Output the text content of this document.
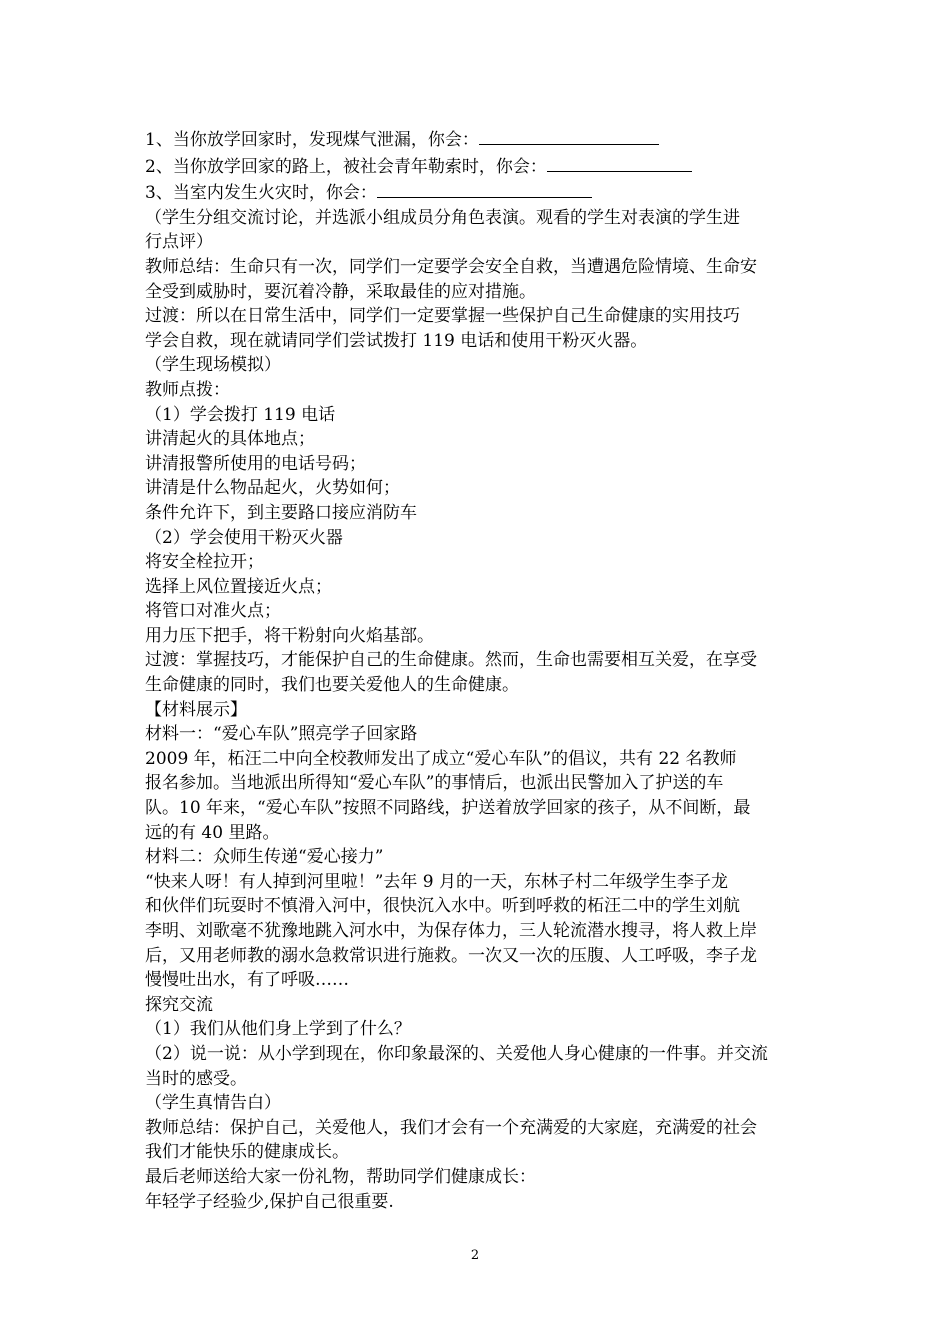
1、当你放学回家时，发现煤气泄漏，你会：
2、当你放学回家的路上，被社会青年勒索时，你会：
3、当室内发生火灾时，你会：
（学生分组交流讨论，并选派小组成员分角色表演。观看的学生对表演的学生进
行点评）
教师总结：生命只有一次，同学们一定要学会安全自救，当遭遇危险情境、生命安
全受到威胁时，要沉着冷静，采取最佳的应对措施。
过渡：所以在日常生活中，同学们一定要掌握一些保护自己生命健康的实用技巧
学会自救，现在就请同学们尝试拨打 119 电话和使用干粉灭火器。
（学生现场模拟）
教师点拨：
（1）学会拨打 119 电话
讲清起火的具体地点；
讲清报警所使用的电话号码；
讲清是什么物品起火，火势如何；
条件允许下，到主要路口接应消防车
（2）学会使用干粉灭火器
将安全栓拉开；
选择上风位置接近火点；
将管口对准火点；
用力压下把手，将干粉射向火焰基部。
过渡：掌握技巧，才能保护自己的生命健康。然而，生命也需要相互关爱，在享受
生命健康的同时，我们也要关爱他人的生命健康。
【材料展示】
材料一：“爱心车队”照亮学子回家路
2009 年，柘汪二中向全校教师发出了成立“爱心车队”的倡议，共有 22 名教师
报名参加。当地派出所得知“爱心车队”的事情后，也派出民警加入了护送的车
队。10 年来，“爱心车队”按照不同路线，护送着放学回家的孩子，从不间断，最
远的有 40 里路。
材料二：众师生传递“爱心接力”
“快来人呀！有人掉到河里啦！”去年 9 月的一天，东林子村二年级学生李子龙
和伙伴们玩耍时不慎滑入河中，很快沉入水中。听到呼救的柘汪二中的学生刘航
李明、刘歌毫不犹豫地跳入河水中，为保存体力，三人轮流潜水搜寻，将人救上岸
后，又用老师教的溺水急救常识进行施救。一次又一次的压腹、人工呼吸，李子龙
慢慢吐出水，有了呼吸……
探究交流
（1）我们从他们身上学到了什么？
（2）说一说：从小学到现在，你印象最深的、关爱他人身心健康的一件事。并交流
当时的感受。
（学生真情告白）
教师总结：保护自己，关爱他人，我们才会有一个充满爱的大家庭，充满爱的社会
我们才能快乐的健康成长。
最后老师送给大家一份礼物，帮助同学们健康成长：
年轻学子经验少,保护自己很重要.
2
